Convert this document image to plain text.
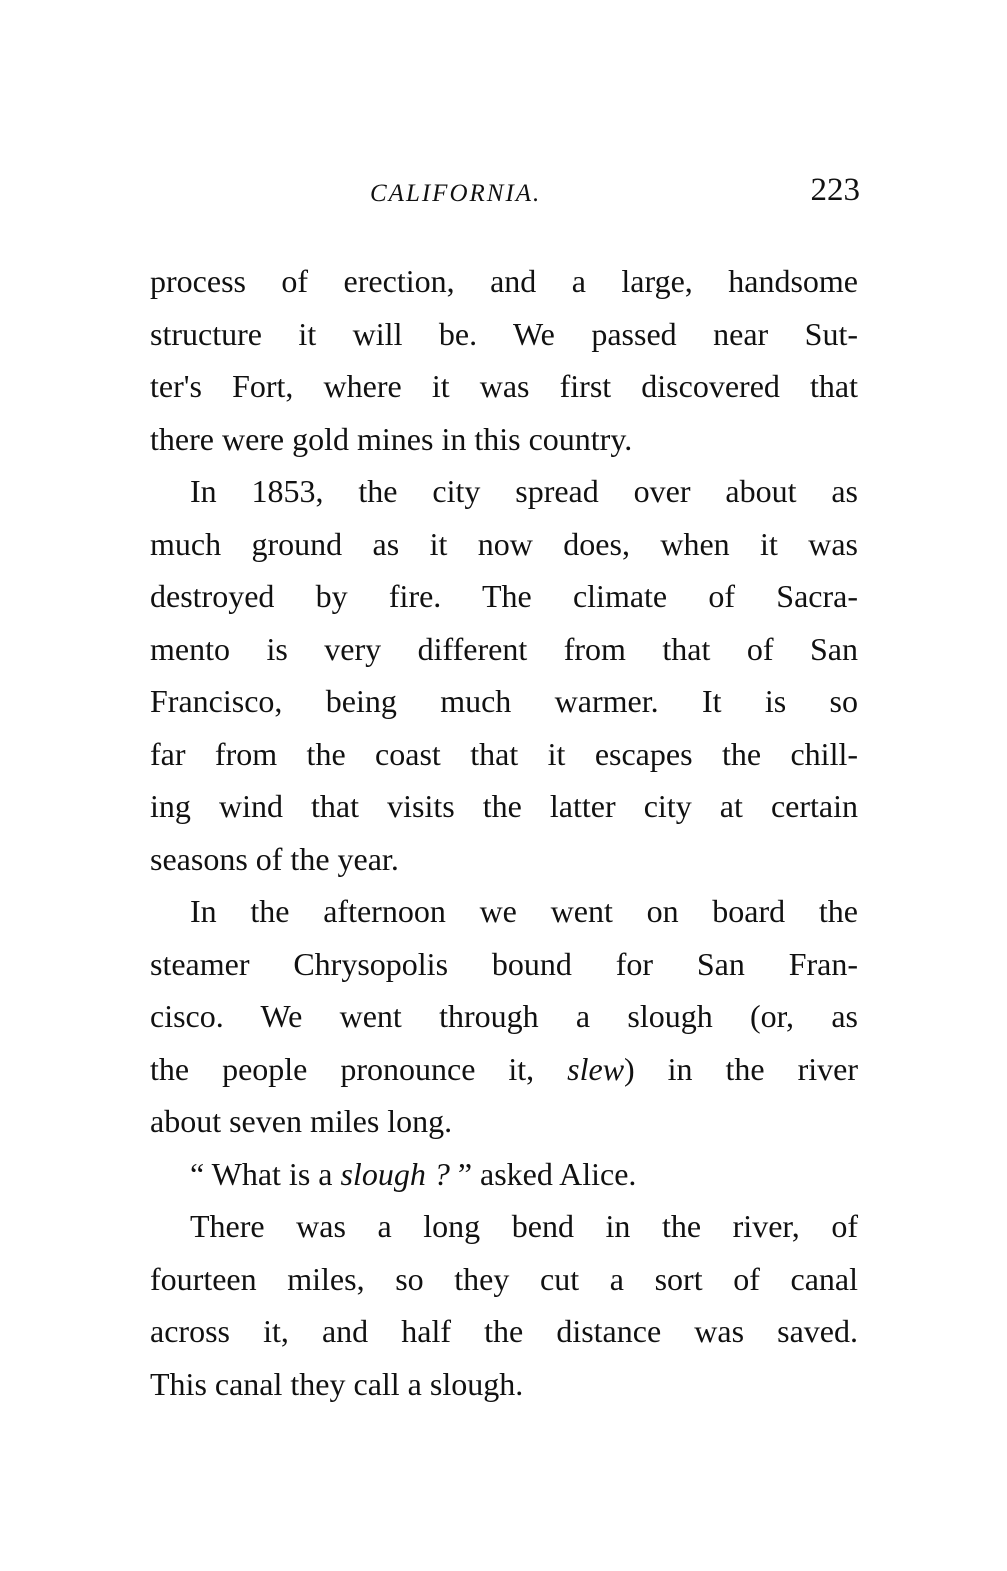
CALIFORNIA.	223
process of erection, and a large, handsome
structure it will be. We passed near Sut-
ter's Fort, where it was first discovered that
there were gold mines in this country.
In 1853, the city spread over about as
much ground as it now does, when it was
destroyed by fire. The climate of Sacra-
mento is very different from that of San
Francisco, being much warmer. It is so
far from the coast that it escapes the chill-
ing wind that visits the latter city at certain
seasons of the year.
In the afternoon we went on board the
steamer Chrysopolis bound for San Fran-
cisco. We went through a slough (or, as
the people pronounce it, slew) in the river
about seven miles long.
“ What is a slough ? ” asked Alice.
There was a long bend in the river, of
fourteen miles, so they cut a sort of canal
across it, and half the distance was saved.
This canal they call a slough.
